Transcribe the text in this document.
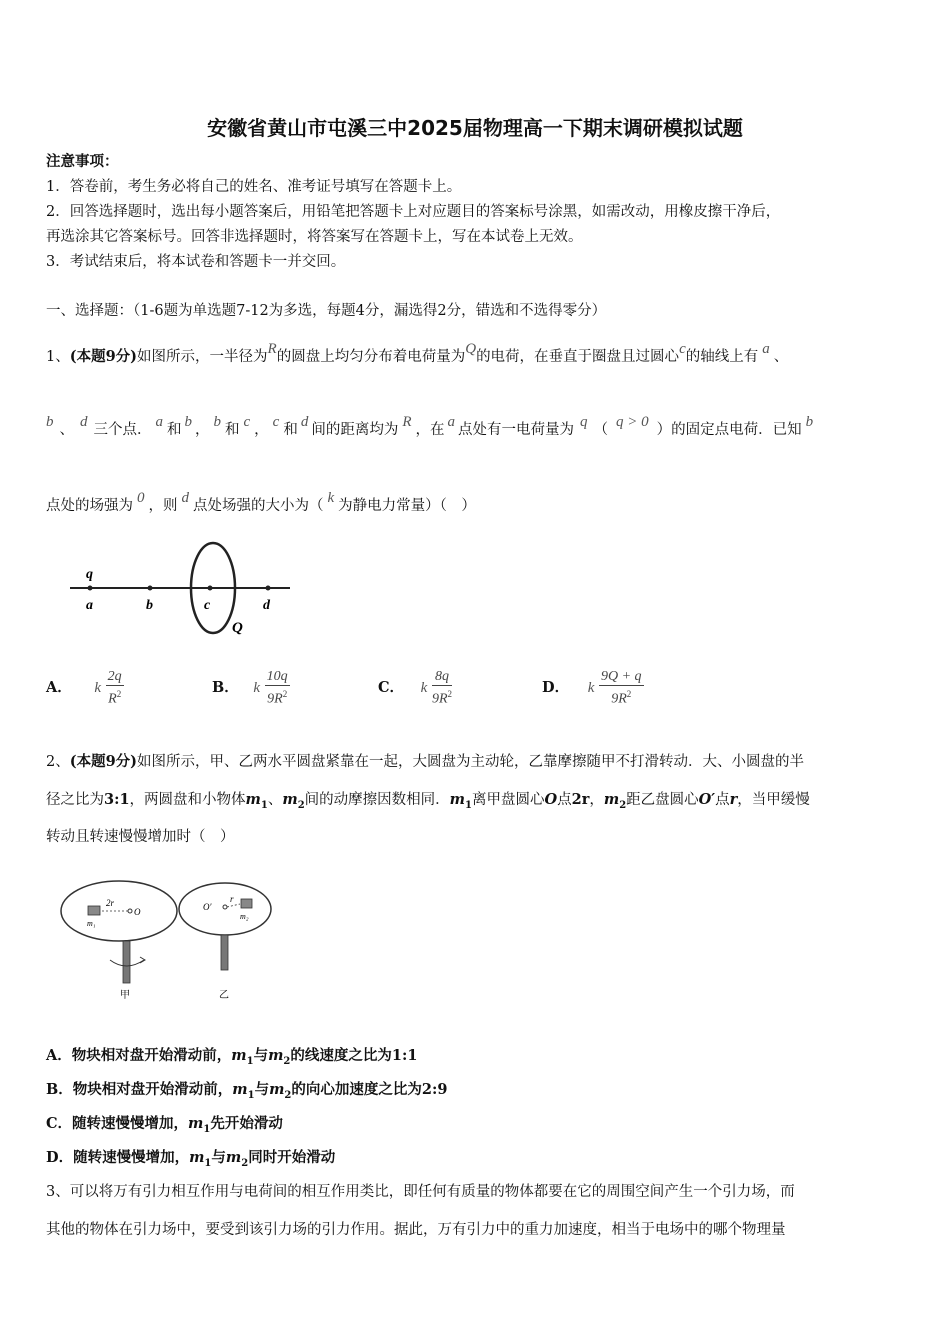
安徽省黄山市屯溪三中2025届物理高一下期末调研模拟试题
注意事项：
1．答卷前，考生务必将自己的姓名、准考证号填写在答题卡上。
2．回答选择题时，选出每小题答案后，用铅笔把答题卡上对应题目的答案标号涂黑，如需改动，用橡皮擦干净后，
再选涂其它答案标号。回答非选择题时，将答案写在答题卡上，写在本试卷上无效。
3．考试结束后，将本试卷和答题卡一并交回。
一、选择题：（1-6题为单选题7-12为多选，每题4分，漏选得2分，错选和不选得零分）
1、(本题9分)如图所示，一半径为R的圆盘上均匀分布着电荷量为Q的电荷，在垂直于圈盘且过圆心c的轴线上有 a 、
b 、 d 三个点． a 和 b ， b 和 c ， c 和 d 间的距离均为 R ，在 a 点处有一电荷量为 q （ q > 0 ）的固定点电荷．已知 b
点处的场强为 0 ，则 d 点处场强的大小为（ k 为静电力常量）（　）
q
a	b	c	d
Q
A． k $\frac{2q}{R^2}$	B． k $\frac{10q}{9R^2}$	C． k $\frac{8q}{9R^2}$	D． k $\frac{9Q + q}{9R^2}$
2、(本题9分)如图所示，甲、乙两水平圆盘紧靠在一起，大圆盘为主动轮，乙靠摩擦随甲不打滑转动．大、小圆盘的半
径之比为3:1，两圆盘和小物体$m_1$、$m_2$间的动摩擦因数相同．$m_1$离甲盘圆心O点2r，$m_2$距乙盘圆心O′点r，当甲缓慢
转动且转速慢慢增加时（　）
2r
O
m₁
O′
r
m₂
甲	乙
A．物块相对盘开始滑动前，$m_1$与$m_2$的线速度之比为1:1
B．物块相对盘开始滑动前，$m_1$与$m_2$的向心加速度之比为2:9
C．随转速慢慢增加，$m_1$先开始滑动
D．随转速慢慢增加，$m_1$与$m_2$同时开始滑动
3、可以将万有引力相互作用与电荷间的相互作用类比，即任何有质量的物体都要在它的周围空间产生一个引力场，而
其他的物体在引力场中，要受到该引力场的引力作用。据此，万有引力中的重力加速度，相当于电场中的哪个物理量
